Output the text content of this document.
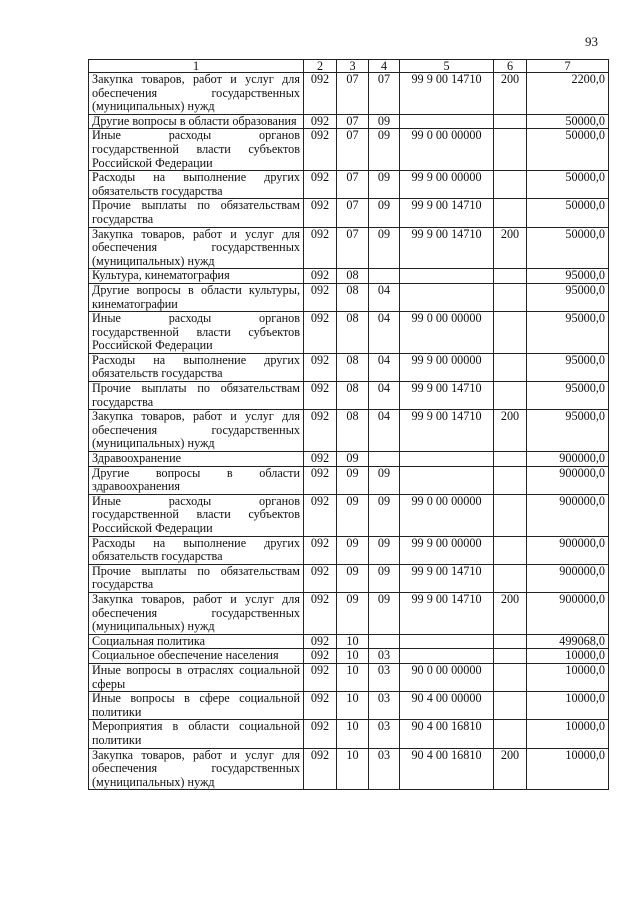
93
1	2	3	4	5	6	7
Закупка товаров, работ и услуг для обеспечения государственных (муниципальных) нужд	092	07	07	99 9 00 14710	200	2200,0
Другие вопросы в области образования	092	07	09			50000,0
Иные расходы органов государственной власти субъектов Российской Федерации	092	07	09	99 0 00 00000		50000,0
Расходы на выполнение других обязательств государства	092	07	09	99 9 00 00000		50000,0
Прочие выплаты по обязательствам государства	092	07	09	99 9 00 14710		50000,0
Закупка товаров, работ и услуг для обеспечения государственных (муниципальных) нужд	092	07	09	99 9 00 14710	200	50000,0
Культура, кинематография	092	08				95000,0
Другие вопросы в области культуры, кинематографии	092	08	04			95000,0
Иные расходы органов государственной власти субъектов Российской Федерации	092	08	04	99 0 00 00000		95000,0
Расходы на выполнение других обязательств государства	092	08	04	99 9 00 00000		95000,0
Прочие выплаты по обязательствам государства	092	08	04	99 9 00 14710		95000,0
Закупка товаров, работ и услуг для обеспечения государственных (муниципальных) нужд	092	08	04	99 9 00 14710	200	95000,0
Здравоохранение	092	09				900000,0
Другие вопросы в области здравоохранения	092	09	09			900000,0
Иные расходы органов государственной власти субъектов Российской Федерации	092	09	09	99 0 00 00000		900000,0
Расходы на выполнение других обязательств государства	092	09	09	99 9 00 00000		900000,0
Прочие выплаты по обязательствам государства	092	09	09	99 9 00 14710		900000,0
Закупка товаров, работ и услуг для обеспечения государственных (муниципальных) нужд	092	09	09	99 9 00 14710	200	900000,0
Социальная политика	092	10				499068,0
Социальное обеспечение населения	092	10	03			10000,0
Иные вопросы в отраслях социальной сферы	092	10	03	90 0 00 00000		10000,0
Иные вопросы в сфере социальной политики	092	10	03	90 4 00 00000		10000,0
Мероприятия в области социальной политики	092	10	03	90 4 00 16810		10000,0
Закупка товаров, работ и услуг для обеспечения государственных (муниципальных) нужд	092	10	03	90 4 00 16810	200	10000,0
